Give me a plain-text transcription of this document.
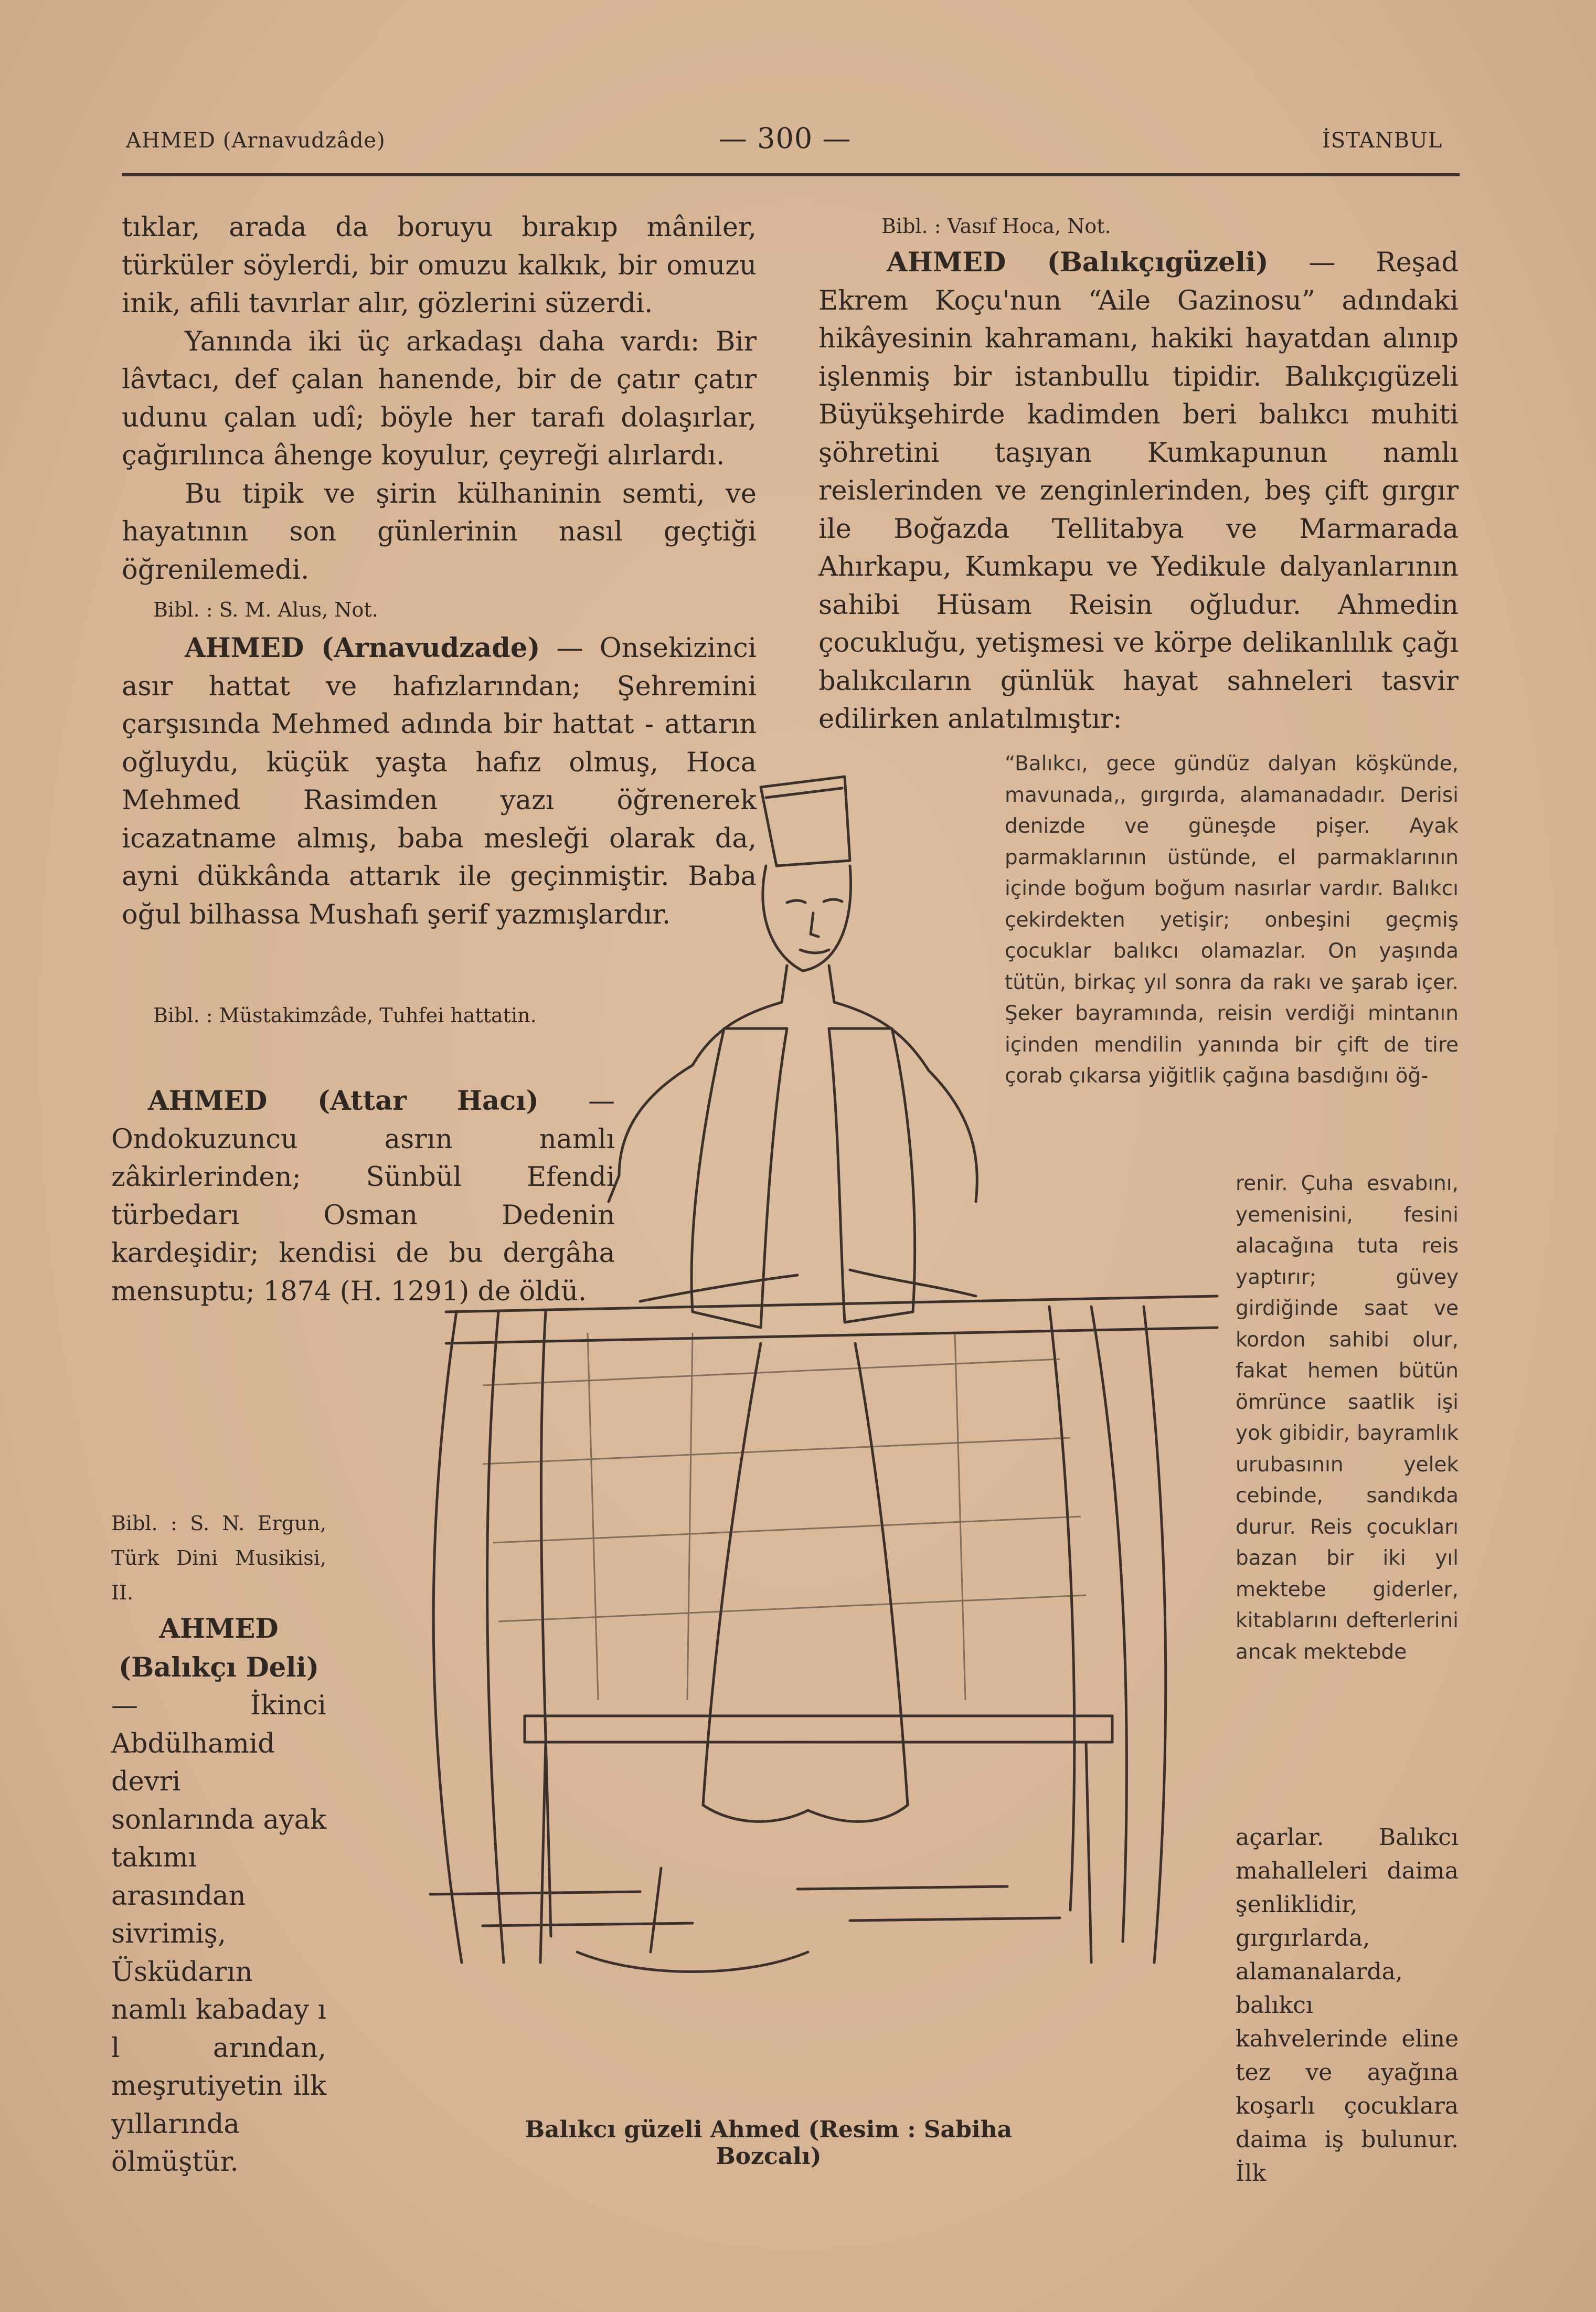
AHMED (Arnavudzâde)	— 300 —	İSTANBUL

tıklar, arada da boruyu bırakıp mâniler, türküler söylerdi, bir omuzu kalkık, bir omuzu inik, afili tavırlar alır, gözlerini süzerdi.

Yanında iki üç arkadaşı daha vardı: Bir lâvtacı, def çalan hanende, bir de çatır çatır udunu çalan udî; böyle her tarafı dolaşırlar, çağırılınca âhenge koyulur, çeyreği alırlardı.

Bu tipik ve şirin külhaninin semti, ve hayatının son günlerinin nasıl geçtiği öğrenilemedi.

Bibl. : S. M. Alus, Not.

AHMED (Arnavudzade) — Onsekizinci asır hattat ve hafızlarından; Şehremini çarşısında Mehmed adında bir hattat - attarın oğluydu, küçük yaşta hafız olmuş, Hoca Mehmed Rasimden yazı öğrenerek icazatname almış, baba mesleği olarak da, ayni dükkânda attarık ile geçinmiştir. Baba oğul bilhassa Mushafı şerif yazmışlardır.

Bibl. : Müstakimzâde, Tuhfei hattatin.

AHMED (Attar Hacı) — Ondokuzuncu asrın namlı zâkirlerinden; Sünbül Efendi türbedarı Osman Dedenin kardeşidir; kendisi de bu dergâha mensuptu; 1874 (H. 1291) de öldü.

Bibl. : S. N. Ergun, Türk Dini Musikisi, II.

AHMED (Balıkçı Deli)

— İkinci Abdülhamid devri sonlarında ayak takımı arasından sivrimiş, Üsküdarın namlı kabaday ı l arından, meşrutiyetin ilk yıllarında ölmüştür.

Bibl. : Vasıf Hoca, Not.

AHMED (Balıkçıgüzeli) — Reşad Ekrem Koçu'nun “Aile Gazinosu” adındaki hikâyesinin kahramanı, hakiki hayatdan alınıp işlenmiş bir istanbullu tipidir. Balıkçıgüzeli Büyükşehirde kadimden beri balıkcı muhiti şöhretini taşıyan Kumkapunun namlı reislerinden ve zenginlerinden, beş çift gırgır ile Boğazda Tellitabya ve Marmarada Ahırkapu, Kumkapu ve Yedikule dalyanlarının sahibi Hüsam Reisin oğludur. Ahmedin çocukluğu, yetişmesi ve körpe delikanlılık çağı balıkcıların günlük hayat sahneleri tasvir edilirken anlatılmıştır:

“Balıkcı, gece gündüz dalyan köşkünde, mavunada,, gırgırda, alamanadadır. Derisi denizde ve güneşde pişer. Ayak parmaklarının üstünde, el parmaklarının içinde boğum boğum nasırlar vardır. Balıkcı çekirdekten yetişir; onbeşini geçmiş çocuklar balıkcı olamazlar. On yaşında tütün, birkaç yıl sonra da rakı ve şarab içer. Şeker bayramında, reisin verdiği mintanın içinden mendilin yanında bir çift de tire çorab çıkarsa yiğitlik çağına basdığını öğ-

renir. Çuha esvabını, yemenisini, fesini alacağına tuta reis yaptırır; güvey girdiğinde saat ve kordon sahibi olur, fakat hemen bütün ömrünce saatlik işi yok gibidir, bayramlık urubasının yelek cebinde, sandıkda durur. Reis çocukları bazan bir iki yıl mektebe giderler, kitablarını defterlerini ancak mektebde

açarlar. Balıkcı mahalleleri daima şenliklidir, gırgırlarda, alamanalarda, balıkcı kahvelerinde eline tez ve ayağına koşarlı çocuklara daima iş bulunur. İlk

Balıkcı güzeli Ahmed (Resim : Sabiha Bozcalı)
